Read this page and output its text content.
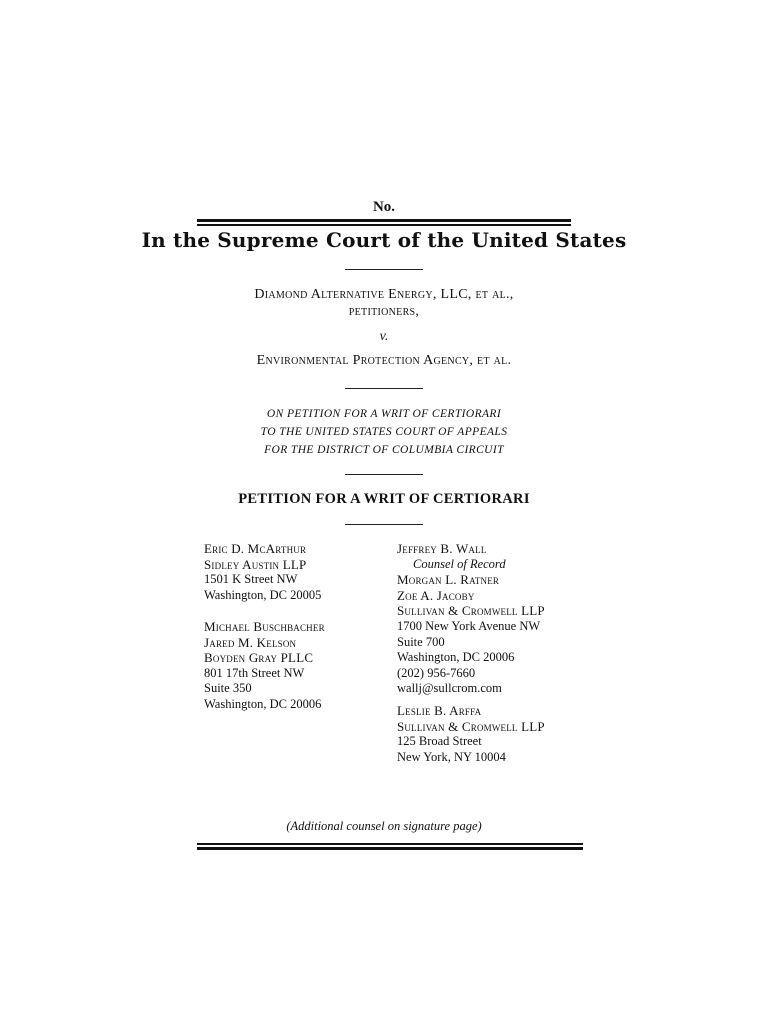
No.
In the Supreme Court of the United States
Diamond Alternative Energy, LLC, et al.,
petitioners,
v.
Environmental Protection Agency, et al.
ON PETITION FOR A WRIT OF CERTIORARI
TO THE UNITED STATES COURT OF APPEALS
FOR THE DISTRICT OF COLUMBIA CIRCUIT
PETITION FOR A WRIT OF CERTIORARI
Eric D. McArthur
Sidley Austin LLP
1501 K Street NW
Washington, DC 20005
Michael Buschbacher
Jared M. Kelson
Boyden Gray PLLC
801 17th Street NW
Suite 350
Washington, DC 20006
Jeffrey B. Wall
Counsel of Record
Morgan L. Ratner
Zoe A. Jacoby
Sullivan & Cromwell LLP
1700 New York Avenue NW
Suite 700
Washington, DC 20006
(202) 956-7660
wallj@sullcrom.com
Leslie B. Arffa
Sullivan & Cromwell LLP
125 Broad Street
New York, NY 10004
(Additional counsel on signature page)
